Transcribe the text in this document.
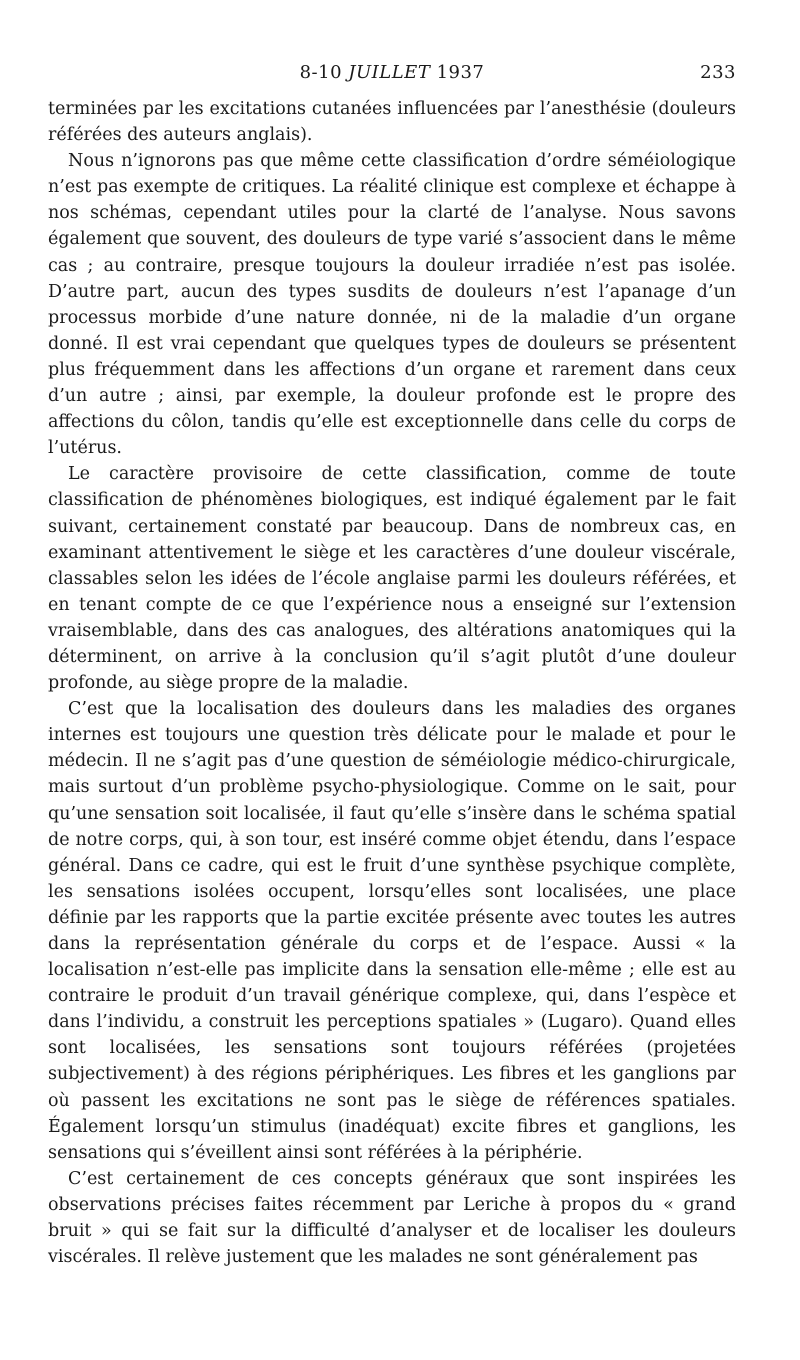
8-10 JUILLET 1937	233

terminées par les excitations cutanées influencées par l’anesthésie (douleurs référées des auteurs anglais).

Nous n’ignorons pas que même cette classification d’ordre séméiologique n’est pas exempte de critiques. La réalité clinique est complexe et échappe à nos schémas, cependant utiles pour la clarté de l’analyse. Nous savons également que souvent, des douleurs de type varié s’associent dans le même cas ; au contraire, presque toujours la douleur irradiée n’est pas isolée. D’autre part, aucun des types susdits de douleurs n’est l’apanage d’un processus morbide d’une nature donnée, ni de la maladie d’un organe donné. Il est vrai cependant que quelques types de douleurs se présentent plus fréquemment dans les affections d’un organe et rarement dans ceux d’un autre ; ainsi, par exemple, la douleur profonde est le propre des affections du côlon, tandis qu’elle est exceptionnelle dans celle du corps de l’utérus.

Le caractère provisoire de cette classification, comme de toute classification de phénomènes biologiques, est indiqué également par le fait suivant, certainement constaté par beaucoup. Dans de nombreux cas, en examinant attentivement le siège et les caractères d’une douleur viscérale, classables selon les idées de l’école anglaise parmi les douleurs référées, et en tenant compte de ce que l’expérience nous a enseigné sur l’extension vraisemblable, dans des cas analogues, des altérations anatomiques qui la déterminent, on arrive à la conclusion qu’il s’agit plutôt d’une douleur profonde, au siège propre de la maladie.

C’est que la localisation des douleurs dans les maladies des organes internes est toujours une question très délicate pour le malade et pour le médecin. Il ne s’agit pas d’une question de séméiologie médico-chirurgicale, mais surtout d’un problème psycho-physiologique. Comme on le sait, pour qu’une sensation soit localisée, il faut qu’elle s’insère dans le schéma spatial de notre corps, qui, à son tour, est inséré comme objet étendu, dans l’espace général. Dans ce cadre, qui est le fruit d’une synthèse psychique complète, les sensations isolées occupent, lorsqu’elles sont localisées, une place définie par les rapports que la partie excitée présente avec toutes les autres dans la représentation générale du corps et de l’espace. Aussi « la localisation n’est-elle pas implicite dans la sensation elle-même ; elle est au contraire le produit d’un travail générique complexe, qui, dans l’espèce et dans l’individu, a construit les perceptions spatiales » (Lugaro). Quand elles sont localisées, les sensations sont toujours référées (projetées subjectivement) à des régions périphériques. Les fibres et les ganglions par où passent les excitations ne sont pas le siège de références spatiales. Également lorsqu’un stimulus (inadéquat) excite fibres et ganglions, les sensations qui s’éveillent ainsi sont référées à la périphérie.

C’est certainement de ces concepts généraux que sont inspirées les observations précises faites récemment par Leriche à propos du « grand bruit » qui se fait sur la difficulté d’analyser et de localiser les douleurs viscérales. Il relève justement que les malades ne sont généralement pas
